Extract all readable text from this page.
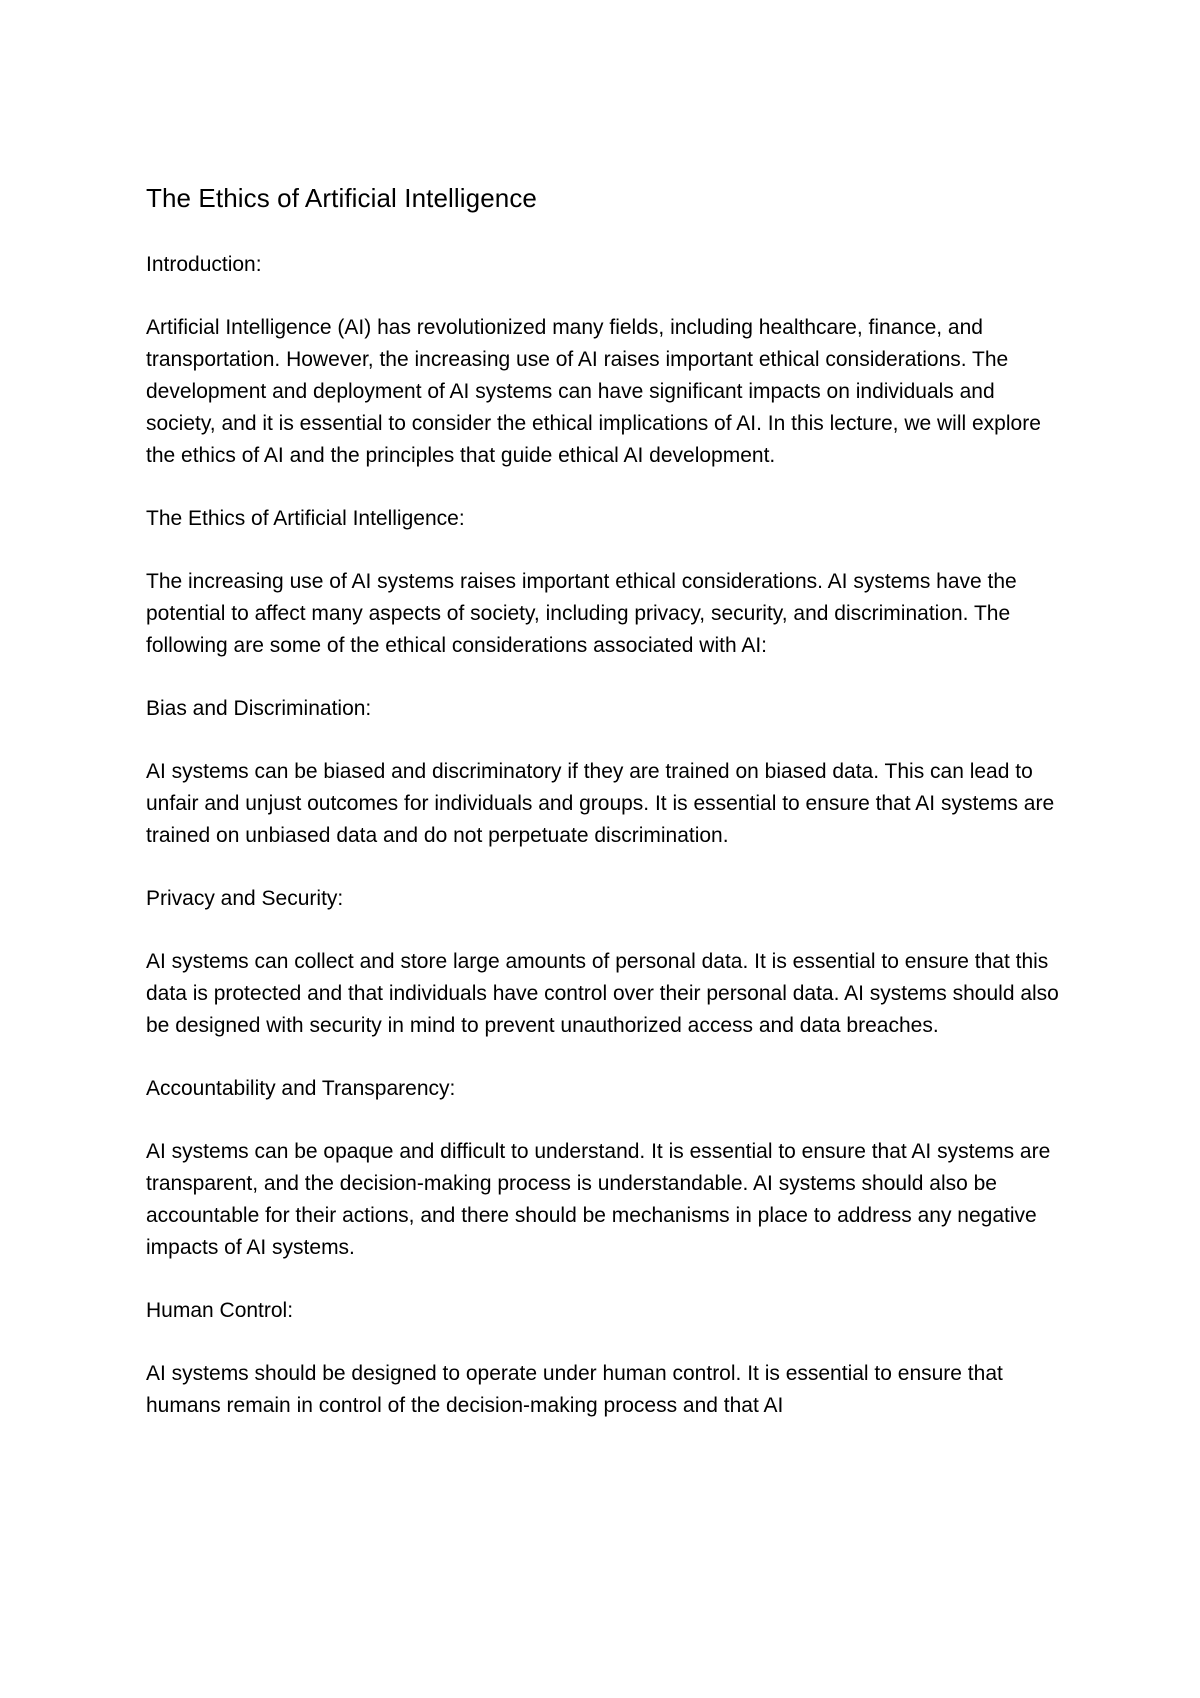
The Ethics of Artificial Intelligence
Introduction:

Artificial Intelligence (AI) has revolutionized many fields, including healthcare, finance, and transportation. However, the increasing use of AI raises important ethical considerations. The development and deployment of AI systems can have significant impacts on individuals and society, and it is essential to consider the ethical implications of AI. In this lecture, we will explore the ethics of AI and the principles that guide ethical AI development.

The Ethics of Artificial Intelligence:

The increasing use of AI systems raises important ethical considerations. AI systems have the potential to affect many aspects of society, including privacy, security, and discrimination. The following are some of the ethical considerations associated with AI:

Bias and Discrimination:

AI systems can be biased and discriminatory if they are trained on biased data. This can lead to unfair and unjust outcomes for individuals and groups. It is essential to ensure that AI systems are trained on unbiased data and do not perpetuate discrimination.

Privacy and Security:

AI systems can collect and store large amounts of personal data. It is essential to ensure that this data is protected and that individuals have control over their personal data. AI systems should also be designed with security in mind to prevent unauthorized access and data breaches.

Accountability and Transparency:

AI systems can be opaque and difficult to understand. It is essential to ensure that AI systems are transparent, and the decision-making process is understandable. AI systems should also be accountable for their actions, and there should be mechanisms in place to address any negative impacts of AI systems.

Human Control:

AI systems should be designed to operate under human control. It is essential to ensure that humans remain in control of the decision-making process and that AI
